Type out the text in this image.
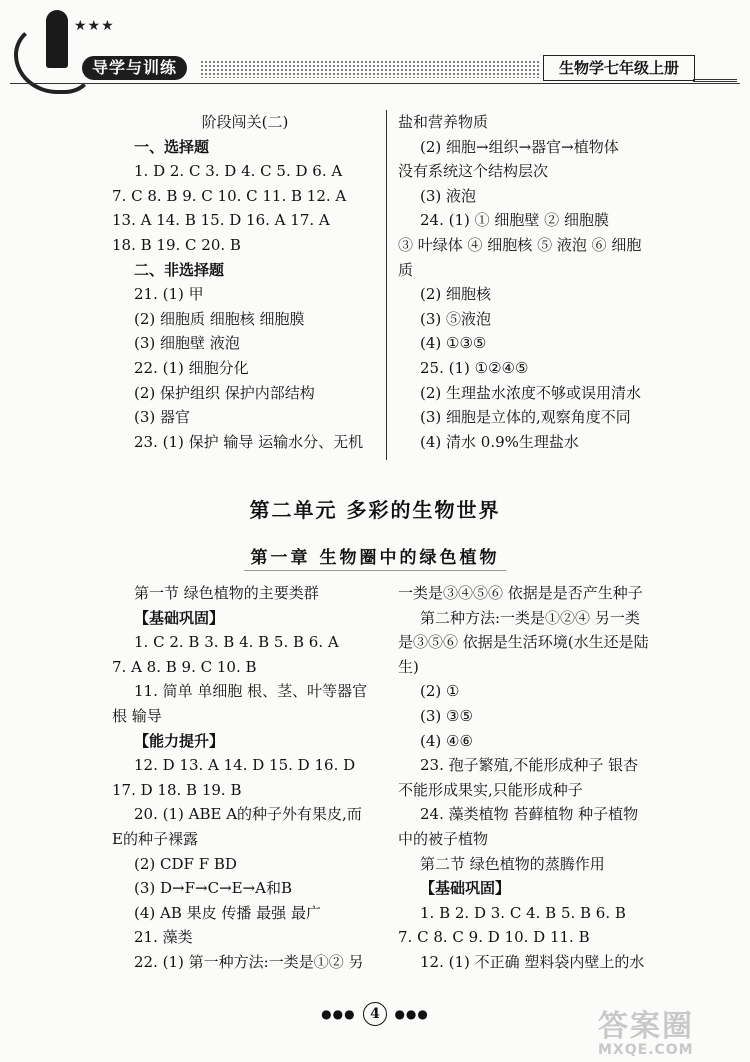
★★★
导学与训练	生物学七年级上册
阶段闯关(二)
一、选择题
1. D 2. C 3. D 4. C 5. D 6. A
7. C 8. B 9. C 10. C 11. B 12. A
13. A 14. B 15. D 16. A 17. A
18. B 19. C 20. B
二、非选择题
21. (1) 甲
(2) 细胞质 细胞核 细胞膜
(3) 细胞壁 液泡
22. (1) 细胞分化
(2) 保护组织 保护内部结构
(3) 器官
23. (1) 保护 输导 运输水分、无机
盐和营养物质
(2) 细胞→组织→器官→植物体
没有系统这个结构层次
(3) 液泡
24. (1) ① 细胞壁 ② 细胞膜
③ 叶绿体 ④ 细胞核 ⑤ 液泡 ⑥ 细胞
质
(2) 细胞核
(3) ⑤液泡
(4) ①③⑤
25. (1) ①②④⑤
(2) 生理盐水浓度不够或误用清水
(3) 细胞是立体的,观察角度不同
(4) 清水 0.9%生理盐水
第二单元 多彩的生物世界
第一章 生物圈中的绿色植物
第一节 绿色植物的主要类群
【基础巩固】
1. C 2. B 3. B 4. B 5. B 6. A
7. A 8. B 9. C 10. B
11. 简单 单细胞 根、茎、叶等器官
根 输导
【能力提升】
12. D 13. A 14. D 15. D 16. D
17. D 18. B 19. B
20. (1) ABE A的种子外有果皮,而
E的种子裸露
(2) CDF F BD
(3) D→F→C→E→A和B
(4) AB 果皮 传播 最强 最广
21. 藻类
22. (1) 第一种方法:一类是①② 另
一类是③④⑤⑥ 依据是是否产生种子
第二种方法:一类是①②④ 另一类
是③⑤⑥ 依据是生活环境(水生还是陆
生)
(2) ①
(3) ③⑤
(4) ④⑥
23. 孢子繁殖,不能形成种子 银杏
不能形成果实,只能形成种子
24. 藻类植物 苔藓植物 种子植物
中的被子植物
第二节 绿色植物的蒸腾作用
【基础巩固】
1. B 2. D 3. C 4. B 5. B 6. B
7. C 8. C 9. D 10. D 11. B
12. (1) 不正确 塑料袋内壁上的水
●●● 4 ●●●	答案圈
MXQE.COM
